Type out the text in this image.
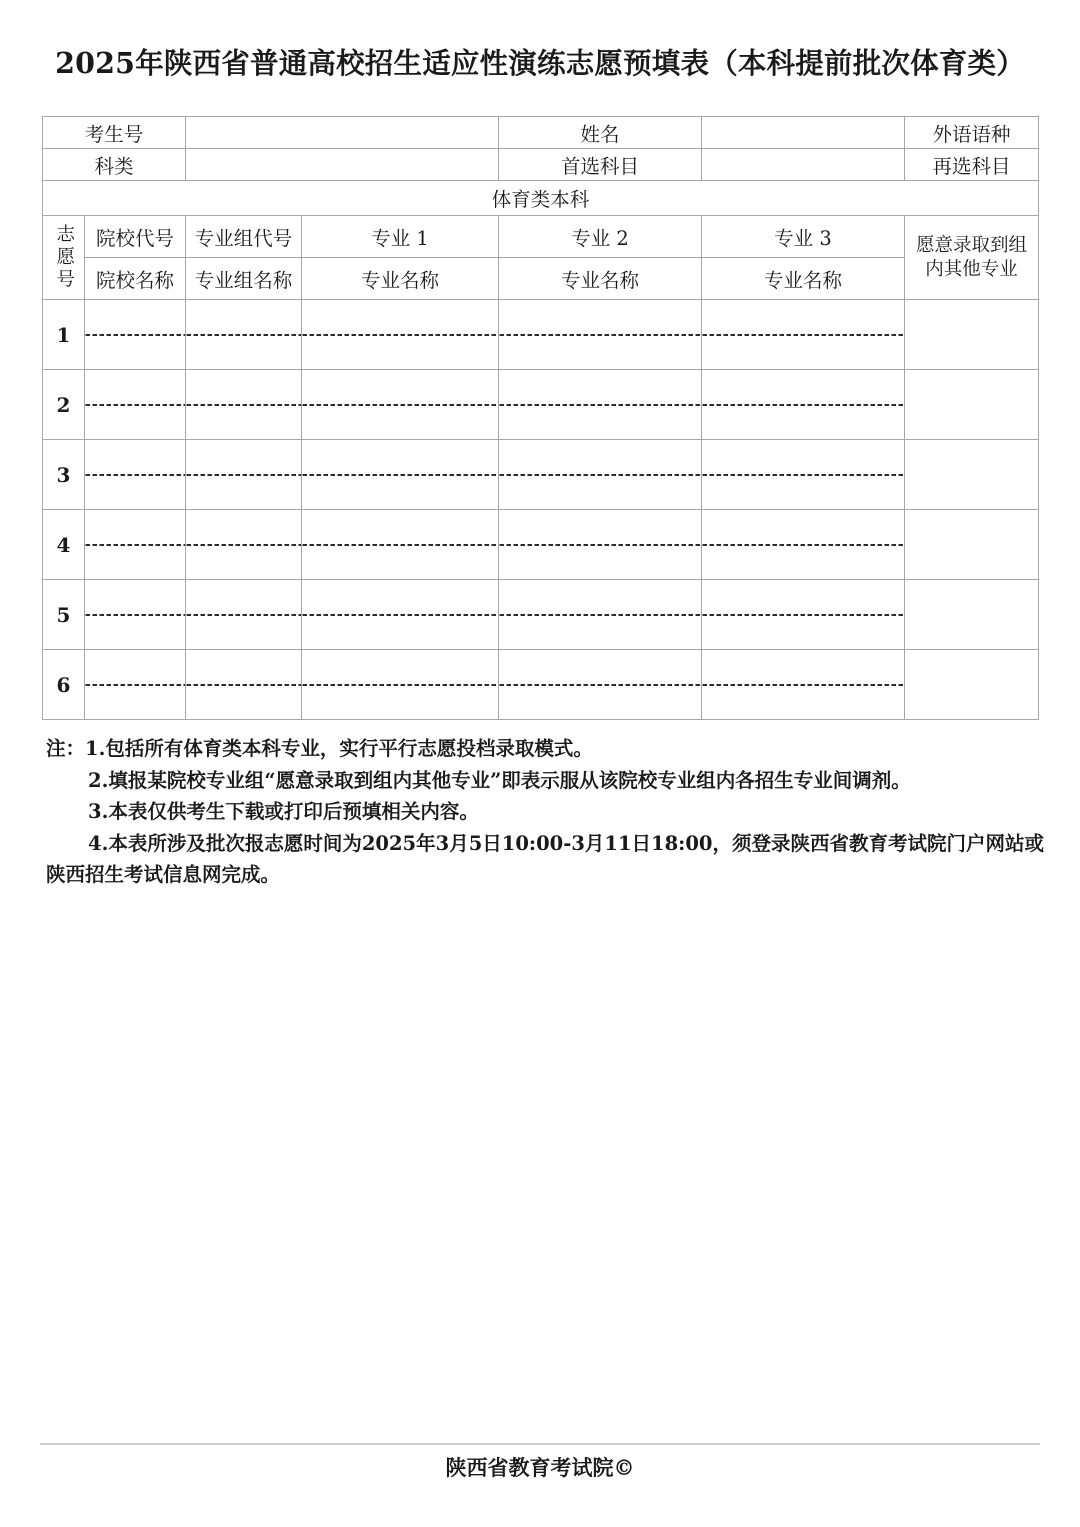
2025年陕西省普通高校招生适应性演练志愿预填表（本科提前批次体育类）
考生号				姓名		外语语种
科类				首选科目		再选科目
体育类本科						

志愿号	院校代号	专业组代号	专业 1	专业 2	专业 3	愿意录取到组内其他专业

	院校名称	专业组名称	专业名称	专业名称	专业名称	
1						
2						
3						
4						
5						
6						
注：1.包括所有体育类本科专业，实行平行志愿投档录取模式。
2.填报某院校专业组“愿意录取到组内其他专业”即表示服从该院校专业组内各招生专业间调剂。
3.本表仅供考生下载或打印后预填相关内容。
4.本表所涉及批次报志愿时间为2025年3月5日10:00-3月11日18:00，须登录陕西省教育考试院门户网站或
陕西招生考试信息网完成。
陕西省教育考试院©
